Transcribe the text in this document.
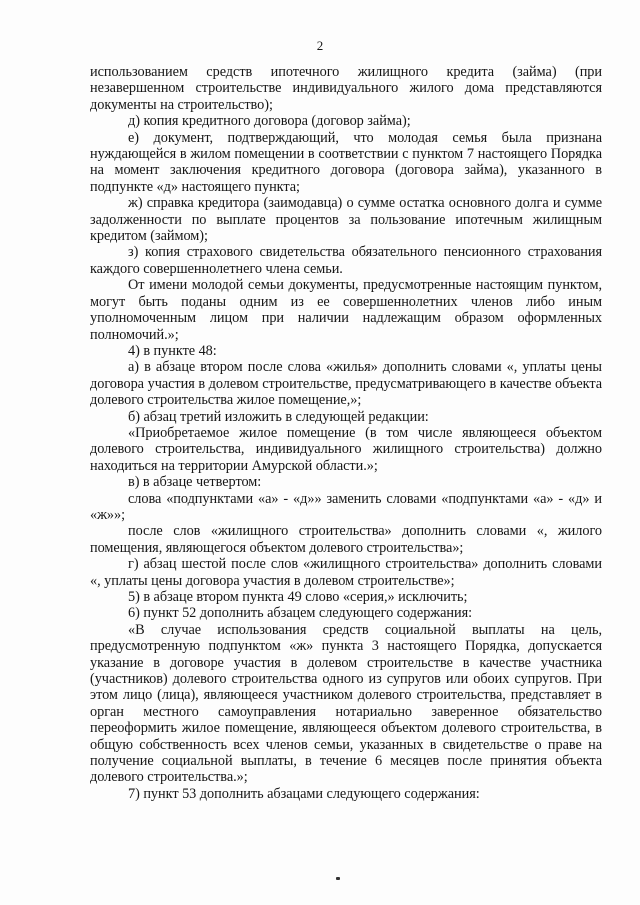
2

использованием средств ипотечного жилищного кредита (займа) (при незавершенном строительстве индивидуального жилого дома представляются документы на строительство);

д) копия кредитного договора (договор займа);

е) документ, подтверждающий, что молодая семья была признана нуждающейся в жилом помещении в соответствии с пунктом 7 настоящего Порядка на момент заключения кредитного договора (договора займа), указанного в подпункте «д» настоящего пункта;

ж) справка кредитора (заимодавца) о сумме остатка основного долга и сумме задолженности по выплате процентов за пользование ипотечным жилищным кредитом (займом);

з) копия страхового свидетельства обязательного пенсионного страхования каждого совершеннолетнего члена семьи.

От имени молодой семьи документы, предусмотренные настоящим пунктом, могут быть поданы одним из ее совершеннолетних членов либо иным уполномоченным лицом при наличии надлежащим образом оформленных полномочий.»;

4) в пункте 48:

а) в абзаце втором после слова «жилья» дополнить словами «, уплаты цены договора участия в долевом строительстве, предусматривающего в качестве объекта долевого строительства жилое помещение,»;

б) абзац третий изложить в следующей редакции:

«Приобретаемое жилое помещение (в том числе являющееся объектом долевого строительства, индивидуального жилищного строительства) должно находиться на территории Амурской области.»;

в) в абзаце четвертом:

слова «подпунктами «а» - «д»» заменить словами «подпунктами «а» - «д» и «ж»»;

после слов «жилищного строительства» дополнить словами «, жилого помещения, являющегося объектом долевого строительства»;

г) абзац шестой после слов «жилищного строительства» дополнить словами «, уплаты цены договора участия в долевом строительстве»;

5) в абзаце втором пункта 49 слово «серия,» исключить;

6) пункт 52 дополнить абзацем следующего содержания:

«В случае использования средств социальной выплаты на цель, предусмотренную подпунктом «ж» пункта 3 настоящего Порядка, допускается указание в договоре участия в долевом строительстве в качестве участника (участников) долевого строительства одного из супругов или обоих супругов. При этом лицо (лица), являющееся участником долевого строительства, представляет в орган местного самоуправления нотариально заверенное обязательство переоформить жилое помещение, являющееся объектом долевого строительства, в общую собственность всех членов семьи, указанных в свидетельстве о праве на получение социальной выплаты, в течение 6 месяцев после принятия объекта долевого строительства.»;

7) пункт 53 дополнить абзацами следующего содержания:
